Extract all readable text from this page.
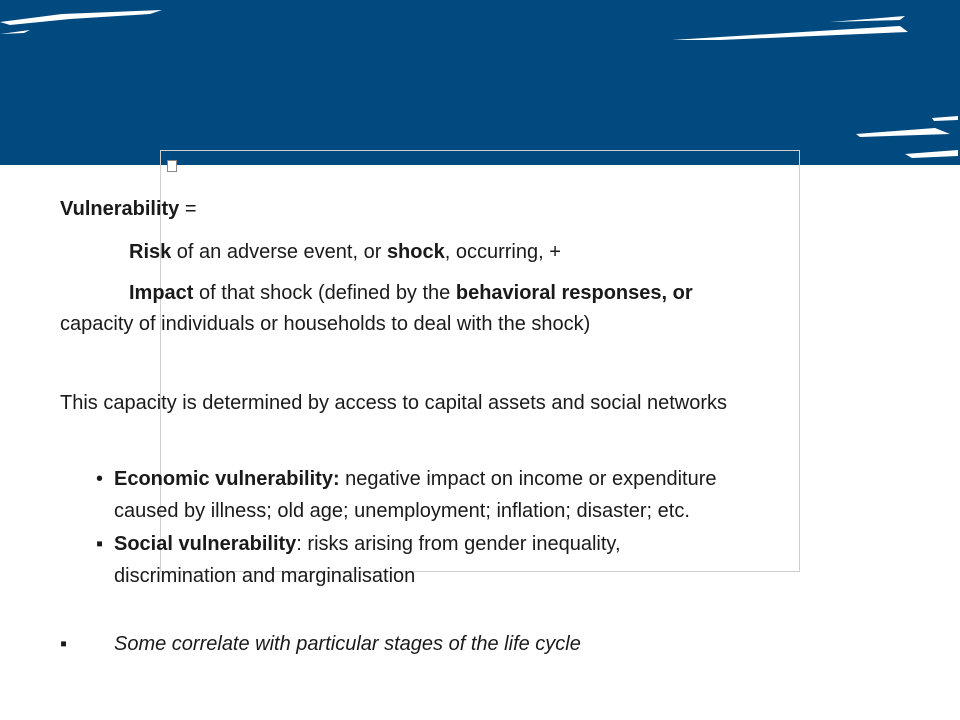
Vulnerability =
Risk of an adverse event, or shock, occurring, +
Impact of that shock (defined by the behavioral responses, or
capacity of individuals or households to deal with the shock)
This capacity is determined by access to capital assets and social networks
• Economic vulnerability: negative impact on income or expenditure
caused by illness; old age; unemployment; inflation; disaster; etc.
▪ Social vulnerability: risks arising from gender inequality,
discrimination and marginalisation
▪ Some correlate with particular stages of the life cycle
